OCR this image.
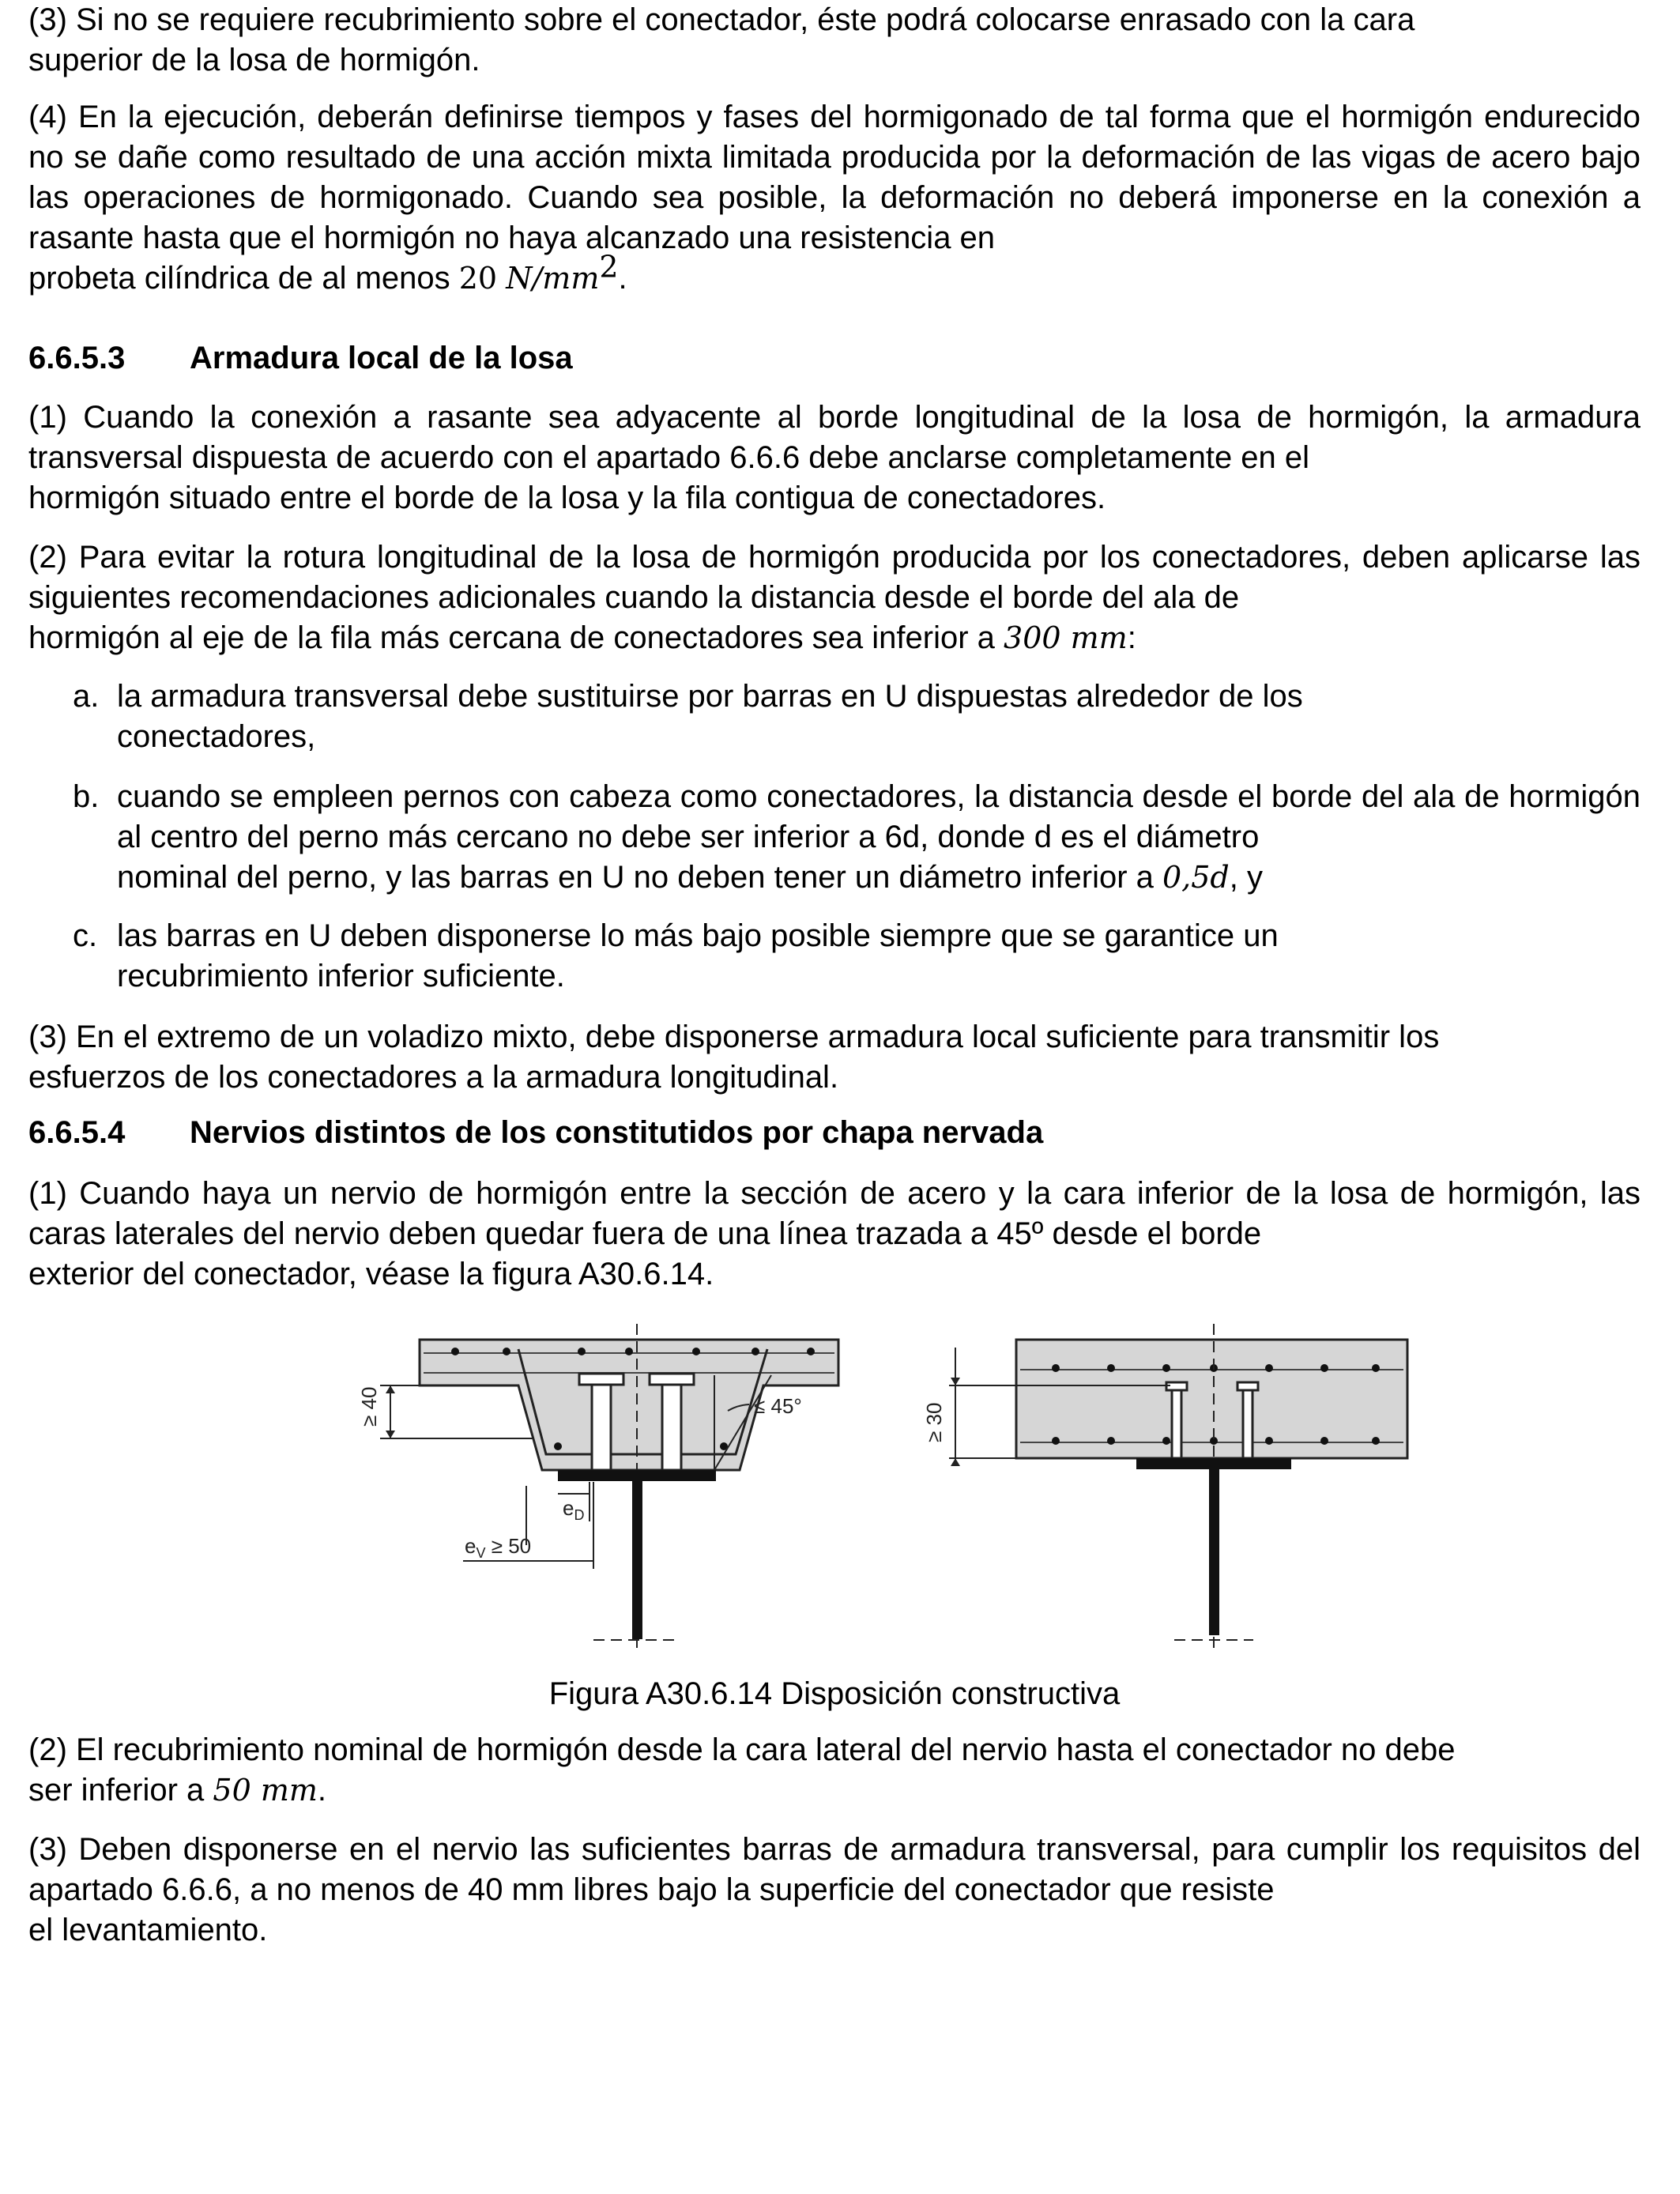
(3) Si no se requiere recubrimiento sobre el conectador, éste podrá colocarse enrasado con la cara
superior de la losa de hormigón.

(4) En la ejecución, deberán definirse tiempos y fases del hormigonado de tal forma que el hormigón endurecido no se dañe como resultado de una acción mixta limitada producida por la deformación de las vigas de acero bajo las operaciones de hormigonado. Cuando sea posible, la deformación no deberá imponerse en la conexión a rasante hasta que el hormigón no haya alcanzado una resistencia en
probeta cilíndrica de al menos 20 $N/mm^2$.

6.6.5.3 Armadura local de la losa

(1) Cuando la conexión a rasante sea adyacente al borde longitudinal de la losa de hormigón, la armadura transversal dispuesta de acuerdo con el apartado 6.6.6 debe anclarse completamente en el
hormigón situado entre el borde de la losa y la fila contigua de conectadores.

(2) Para evitar la rotura longitudinal de la losa de hormigón producida por los conectadores, deben aplicarse las siguientes recomendaciones adicionales cuando la distancia desde el borde del ala de
hormigón al eje de la fila más cercana de conectadores sea inferior a 300 mm:

a. la armadura transversal debe sustituirse por barras en U dispuestas alrededor de los
conectadores,
b. cuando se empleen pernos con cabeza como conectadores, la distancia desde el borde del ala de hormigón al centro del perno más cercano no debe ser inferior a 6d, donde d es el diámetro
nominal del perno, y las barras en U no deben tener un diámetro inferior a 0,5d, y
c. las barras en U deben disponerse lo más bajo posible siempre que se garantice un
recubrimiento inferior suficiente.

(3) En el extremo de un voladizo mixto, debe disponerse armadura local suficiente para transmitir los
esfuerzos de los conectadores a la armadura longitudinal.

6.6.5.4 Nervios distintos de los constitutidos por chapa nervada

(1) Cuando haya un nervio de hormigón entre la sección de acero y la cara inferior de la losa de hormigón, las caras laterales del nervio deben quedar fuera de una línea trazada a 45º desde el borde
exterior del conectador, véase la figura A30.6.14.

≤ 45°
≥ 40
$e_D$
$e_V \ge 50$
≥ 30
Figura A30.6.14 Disposición constructiva

(2) El recubrimiento nominal de hormigón desde la cara lateral del nervio hasta el conectador no debe
ser inferior a 50 mm.

(3) Deben disponerse en el nervio las suficientes barras de armadura transversal, para cumplir los requisitos del apartado 6.6.6, a no menos de 40 mm libres bajo la superficie del conectador que resiste
el levantamiento.
